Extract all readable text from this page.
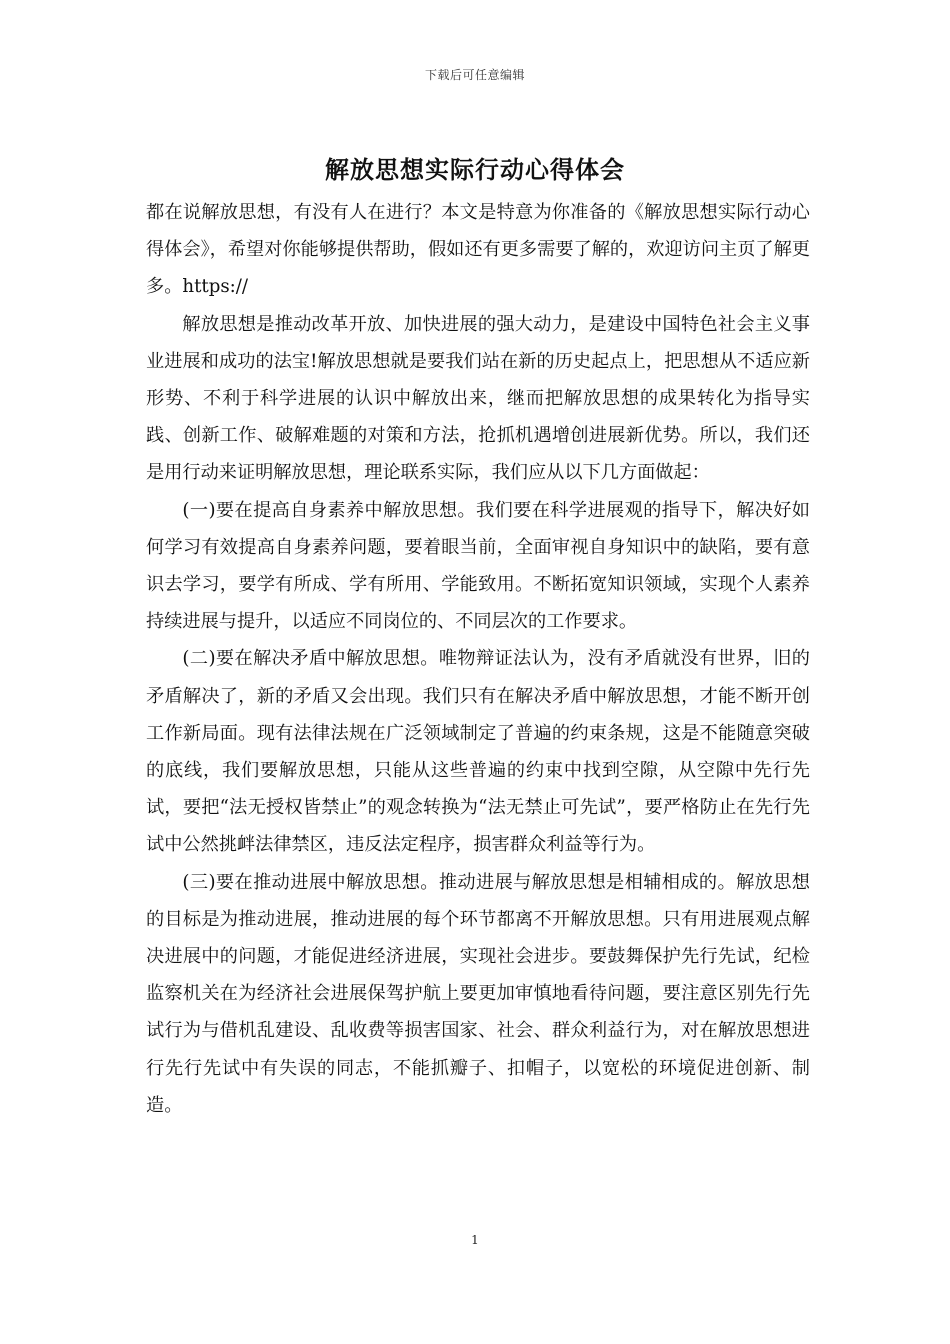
下载后可任意编辑
解放思想实际行动心得体会

都在说解放思想，有没有人在进行？本文是特意为你准备的《解放思想实际行动心得体会》，希望对你能够提供帮助，假如还有更多需要了解的，欢迎访问主页了解更多。https://

解放思想是推动改革开放、加快进展的强大动力，是建设中国特色社会主义事业进展和成功的法宝!解放思想就是要我们站在新的历史起点上，把思想从不适应新形势、不利于科学进展的认识中解放出来，继而把解放思想的成果转化为指导实践、创新工作、破解难题的对策和方法，抢抓机遇增创进展新优势。所以，我们还是用行动来证明解放思想，理论联系实际，我们应从以下几方面做起：

(一)要在提高自身素养中解放思想。我们要在科学进展观的指导下，解决好如何学习有效提高自身素养问题，要着眼当前，全面审视自身知识中的缺陷，要有意识去学习，要学有所成、学有所用、学能致用。不断拓宽知识领域，实现个人素养持续进展与提升，以适应不同岗位的、不同层次的工作要求。

(二)要在解决矛盾中解放思想。唯物辩证法认为，没有矛盾就没有世界，旧的矛盾解决了，新的矛盾又会出现。我们只有在解决矛盾中解放思想，才能不断开创工作新局面。现有法律法规在广泛领域制定了普遍的约束条规，这是不能随意突破的底线，我们要解放思想，只能从这些普遍的约束中找到空隙，从空隙中先行先试，要把“法无授权皆禁止”的观念转换为“法无禁止可先试”，要严格防止在先行先试中公然挑衅法律禁区，违反法定程序，损害群众利益等行为。

(三)要在推动进展中解放思想。推动进展与解放思想是相辅相成的。解放思想的目标是为推动进展，推动进展的每个环节都离不开解放思想。只有用进展观点解决进展中的问题，才能促进经济进展，实现社会进步。要鼓舞保护先行先试，纪检监察机关在为经济社会进展保驾护航上要更加审慎地看待问题，要注意区别先行先试行为与借机乱建设、乱收费等损害国家、社会、群众利益行为，对在解放思想进行先行先试中有失误的同志，不能抓瓣子、扣帽子，以宽松的环境促进创新、制造。

1
